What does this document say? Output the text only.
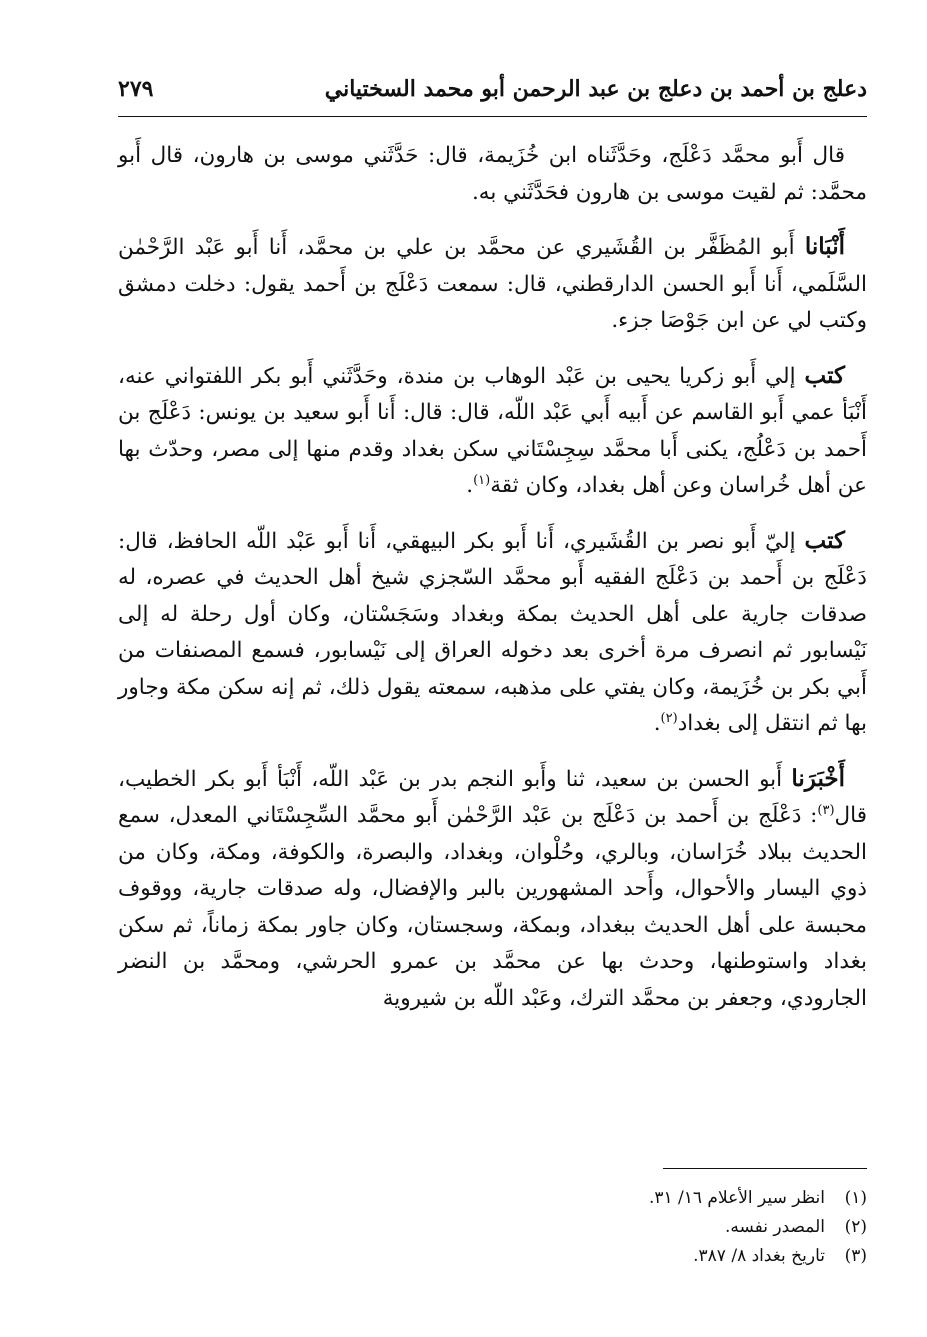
دعلج بن أحمد بن دعلج بن عبد الرحمن أبو محمد السختياني
٢٧٩

قال أَبو محمَّد دَعْلَج، وحَدَّثَناه ابن خُزَيمة، قال: حَدَّثَني موسى بن هارون، قال أَبو محمَّد: ثم لقيت موسى بن هارون فحَدَّثَني به.

أَنْبَانا أَبو المُظَفَّر بن القُشَيري عن محمَّد بن علي بن محمَّد، أَنا أَبو عَبْد الرَّحْمٰن السَّلَمي، أَنا أَبو الحسن الدارقطني، قال: سمعت دَعْلَج بن أَحمد يقول: دخلت دمشق وكتب لي عن ابن جَوْصَا جزء.

كتب إلي أَبو زكريا يحيى بن عَبْد الوهاب بن مندة، وحَدَّثَني أَبو بكر اللفتواني عنه، أَنْبَأ عمي أَبو القاسم عن أَبيه أَبي عَبْد اللّه، قال: قال: أَنا أَبو سعيد بن يونس: دَعْلَج بن أَحمد بن دَعْلُج، يكنى أَبا محمَّد سِجِسْتَاني سكن بغداد وقدم منها إلى مصر، وحدّث بها عن أهل خُراسان وعن أهل بغداد، وكان ثقة$^{(١)}$.

كتب إليّ أَبو نصر بن القُشَيري، أَنا أَبو بكر البيهقي، أَنا أَبو عَبْد اللّه الحافظ، قال: دَعْلَج بن أَحمد بن دَعْلَج الفقيه أَبو محمَّد السّجزي شيخ أهل الحديث في عصره، له صدقات جارية على أهل الحديث بمكة وبغداد وسَجَسْتان، وكان أول رحلة له إلى نَيْسابور ثم انصرف مرة أخرى بعد دخوله العراق إلى نَيْسابور، فسمع المصنفات من أَبي بكر بن خُزَيمة، وكان يفتي على مذهبه، سمعته يقول ذلك، ثم إنه سكن مكة وجاور بها ثم انتقل إلى بغداد$^{(٢)}$.

أَخْبَرَنا أَبو الحسن بن سعيد، ثنا وأَبو النجم بدر بن عَبْد اللّه، أَنْبَأ أَبو بكر الخطيب، قال$^{(٣)}$: دَعْلَج بن أَحمد بن دَعْلَج بن عَبْد الرَّحْمٰن أَبو محمَّد السِّجِسْتَاني المعدل، سمع الحديث ببلاد خُرَاسان، وبالري، وحُلْوان، وبغداد، والبصرة، والكوفة، ومكة، وكان من ذوي اليسار والأحوال، وأَحد المشهورين بالبر والإفضال، وله صدقات جارية، ووقوف محبسة على أهل الحديث ببغداد، وبمكة، وسجستان، وكان جاور بمكة زماناً، ثم سكن بغداد واستوطنها، وحدث بها عن محمَّد بن عمرو الحرشي، ومحمَّد بن النضر الجارودي، وجعفر بن محمَّد الترك، وعَبْد اللّه بن شيروية

(١)
انظر سير الأعلام ١٦/ ٣١.
(٢)
المصدر نفسه.
(٣)
تاريخ بغداد ٨/ ٣٨٧.
